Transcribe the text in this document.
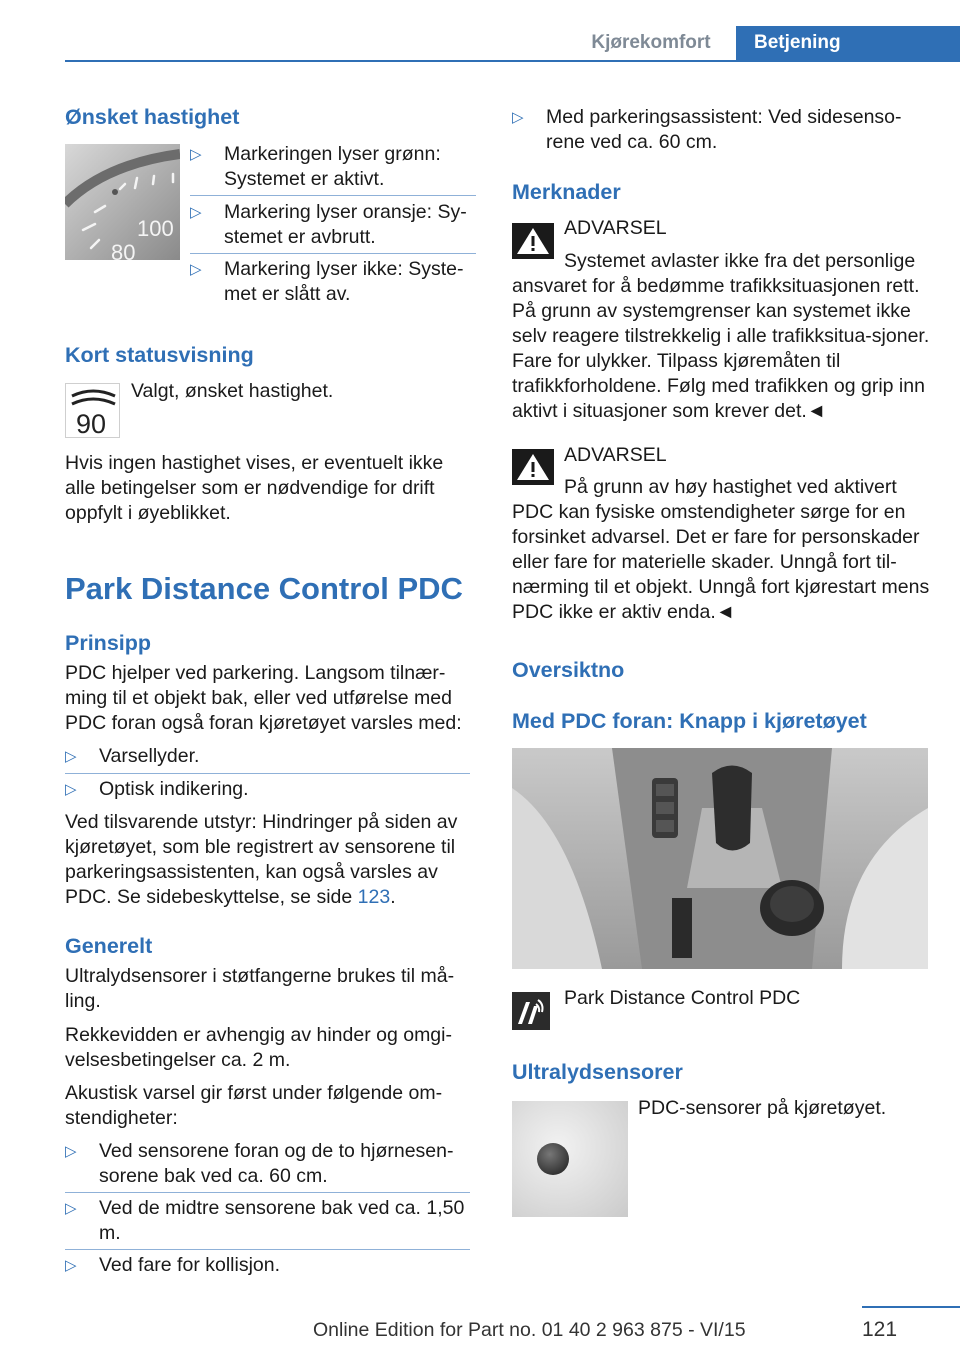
Kjørekomfort	Betjening
Ønsket hastighet
100
80
▷ Markeringen lyser grønn: Systemet er aktivt.
▷ Markering lyser oransje: Sy-stemet er avbrutt.
▷ Markering lyser ikke: Syste-met er slått av.
Kort statusvisning
90
Valgt, ønsket hastighet.
Hvis ingen hastighet vises, er eventuelt ikke alle betingelser som er nødvendige for drift oppfylt i øyeblikket.
Park Distance Control PDC
Prinsipp
PDC hjelper ved parkering. Langsom tilnær-ming til et objekt bak, eller ved utførelse med PDC foran også foran kjøretøyet varsles med:
▷ Varsellyder.
▷ Optisk indikering.
Ved tilsvarende utstyr: Hindringer på siden av kjøretøyet, som ble registrert av sensorene til parkeringsassistenten, kan også varsles av PDC. Se sidebeskyttelse, se side 123.
Generelt
Ultralydsensorer i støtfangerne brukes til må-ling.
Rekkevidden er avhengig av hinder og omgi-velsesbetingelser ca. 2 m.
Akustisk varsel gir først under følgende om-stendigheter:
▷ Ved sensorene foran og de to hjørnesen-sorene bak ved ca. 60 cm.
▷ Ved de midtre sensorene bak ved ca. 1,50 m.
▷ Ved fare for kollisjon.
▷ Med parkeringsassistent: Ved sidesenso-rene ved ca. 60 cm.
Merknader
ADVARSEL
Systemet avlaster ikke fra det personlige ansvaret for å bedømme trafikksituasjonen rett. På grunn av systemgrenser kan systemet ikke selv reagere tilstrekkelig i alle trafikksitua-sjoner. Fare for ulykker. Tilpass kjøremåten til trafikkforholdene. Følg med trafikken og grip inn aktivt i situasjoner som krever det.◄
ADVARSEL
På grunn av høy hastighet ved aktivert PDC kan fysiske omstendigheter sørge for en forsinket advarsel. Det er fare for personskader eller fare for materielle skader. Unngå fort til-nærming til et objekt. Unngå fort kjørestart mens PDC ikke er aktiv enda.◄
Oversiktno
Med PDC foran: Knapp i kjøretøyet
Park Distance Control PDC
Ultralydsensorer
PDC-sensorer på kjøretøyet.
121
Online Edition for Part no. 01 40 2 963 875 - VI/15
